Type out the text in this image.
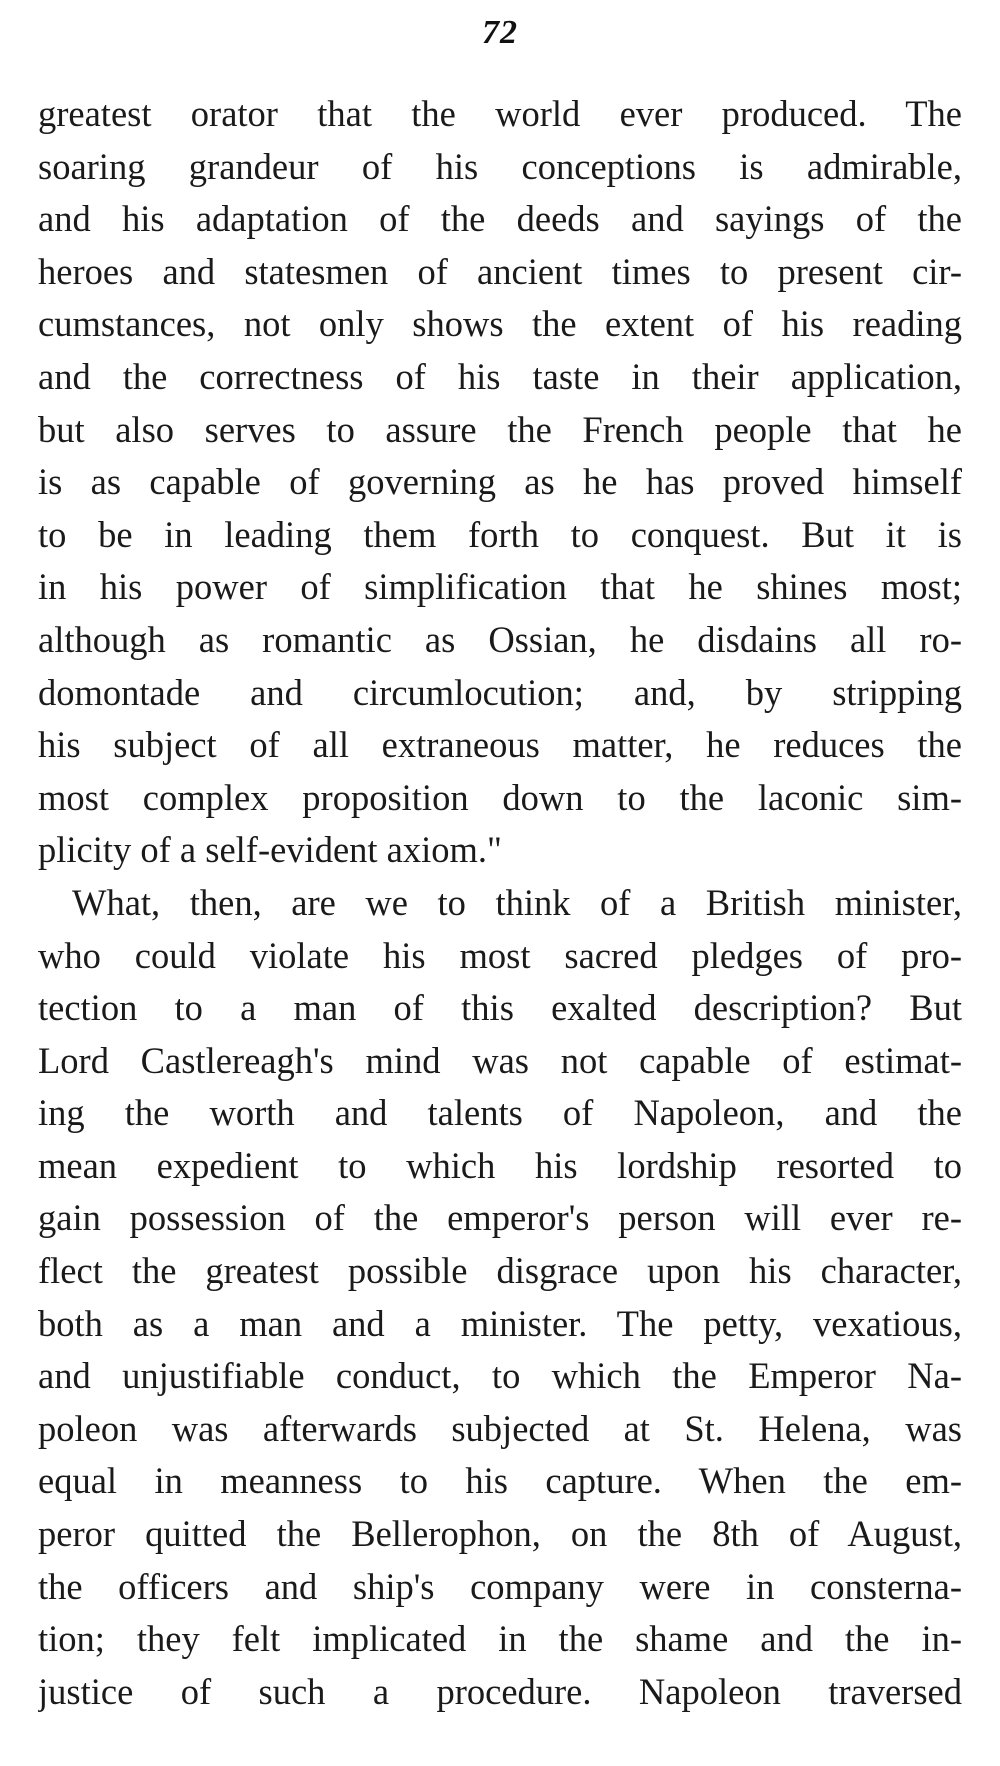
72
greatest orator that the world ever produced. The
soaring grandeur of his conceptions is admirable,
and his adaptation of the deeds and sayings of the
heroes and statesmen of ancient times to present cir-
cumstances, not only shows the extent of his reading
and the correctness of his taste in their application,
but also serves to assure the French people that he
is as capable of governing as he has proved himself
to be in leading them forth to conquest. But it is
in his power of simplification that he shines most;
although as romantic as Ossian, he disdains all ro-
domontade and circumlocution; and, by stripping
his subject of all extraneous matter, he reduces the
most complex proposition down to the laconic sim-
plicity of a self-evident axiom."
What, then, are we to think of a British minister,
who could violate his most sacred pledges of pro-
tection to a man of this exalted description? But
Lord Castlereagh's mind was not capable of estimat-
ing the worth and talents of Napoleon, and the
mean expedient to which his lordship resorted to
gain possession of the emperor's person will ever re-
flect the greatest possible disgrace upon his character,
both as a man and a minister. The petty, vexatious,
and unjustifiable conduct, to which the Emperor Na-
poleon was afterwards subjected at St. Helena, was
equal in meanness to his capture. When the em-
peror quitted the Bellerophon, on the 8th of August,
the officers and ship's company were in consterna-
tion; they felt implicated in the shame and the in-
justice of such a procedure. Napoleon traversed
